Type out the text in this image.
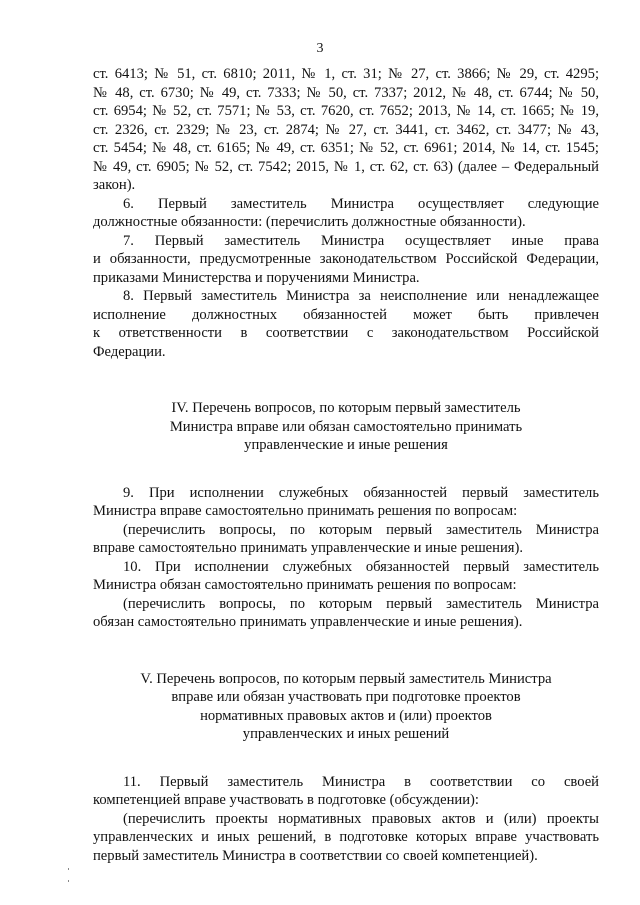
3
ст. 6413; № 51, ст. 6810; 2011, № 1, ст. 31; № 27, ст. 3866; № 29, ст. 4295;
№ 48, ст. 6730; № 49, ст. 7333; № 50, ст. 7337; 2012, № 48, ст. 6744; № 50,
ст. 6954; № 52, ст. 7571; № 53, ст. 7620, ст. 7652; 2013, № 14, ст. 1665; № 19,
ст. 2326, ст. 2329; № 23, ст. 2874; № 27, ст. 3441, ст. 3462, ст. 3477; № 43,
ст. 5454; № 48, ст. 6165; № 49, ст. 6351; № 52, ст. 6961; 2014, № 14, ст. 1545;
№ 49, ст. 6905; № 52, ст. 7542; 2015, № 1, ст. 62, ст. 63) (далее – Федеральный
закон).
6. Первый заместитель Министра осуществляет следующие
должностные обязанности: (перечислить должностные обязанности).
7. Первый заместитель Министра осуществляет иные права
и обязанности, предусмотренные законодательством Российской Федерации,
приказами Министерства и поручениями Министра.
8. Первый заместитель Министра за неисполнение или ненадлежащее
исполнение должностных обязанностей может быть привлечен
к ответственности в соответствии с законодательством Российской
Федерации.
IV. Перечень вопросов, по которым первый заместитель
Министра вправе или обязан самостоятельно принимать
управленческие и иные решения
9. При исполнении служебных обязанностей первый заместитель
Министра вправе самостоятельно принимать решения по вопросам:
(перечислить вопросы, по которым первый заместитель Министра
вправе самостоятельно принимать управленческие и иные решения).
10. При исполнении служебных обязанностей первый заместитель
Министра обязан самостоятельно принимать решения по вопросам:
(перечислить вопросы, по которым первый заместитель Министра
обязан самостоятельно принимать управленческие и иные решения).
V. Перечень вопросов, по которым первый заместитель Министра
вправе или обязан участвовать при подготовке проектов
нормативных правовых актов и (или) проектов
управленческих и иных решений
11. Первый заместитель Министра в соответствии со своей
компетенцией вправе участвовать в подготовке (обсуждении):
(перечислить проекты нормативных правовых актов и (или) проекты
управленческих и иных решений, в подготовке которых вправе участвовать
первый заместитель Министра в соответствии со своей компетенцией).
